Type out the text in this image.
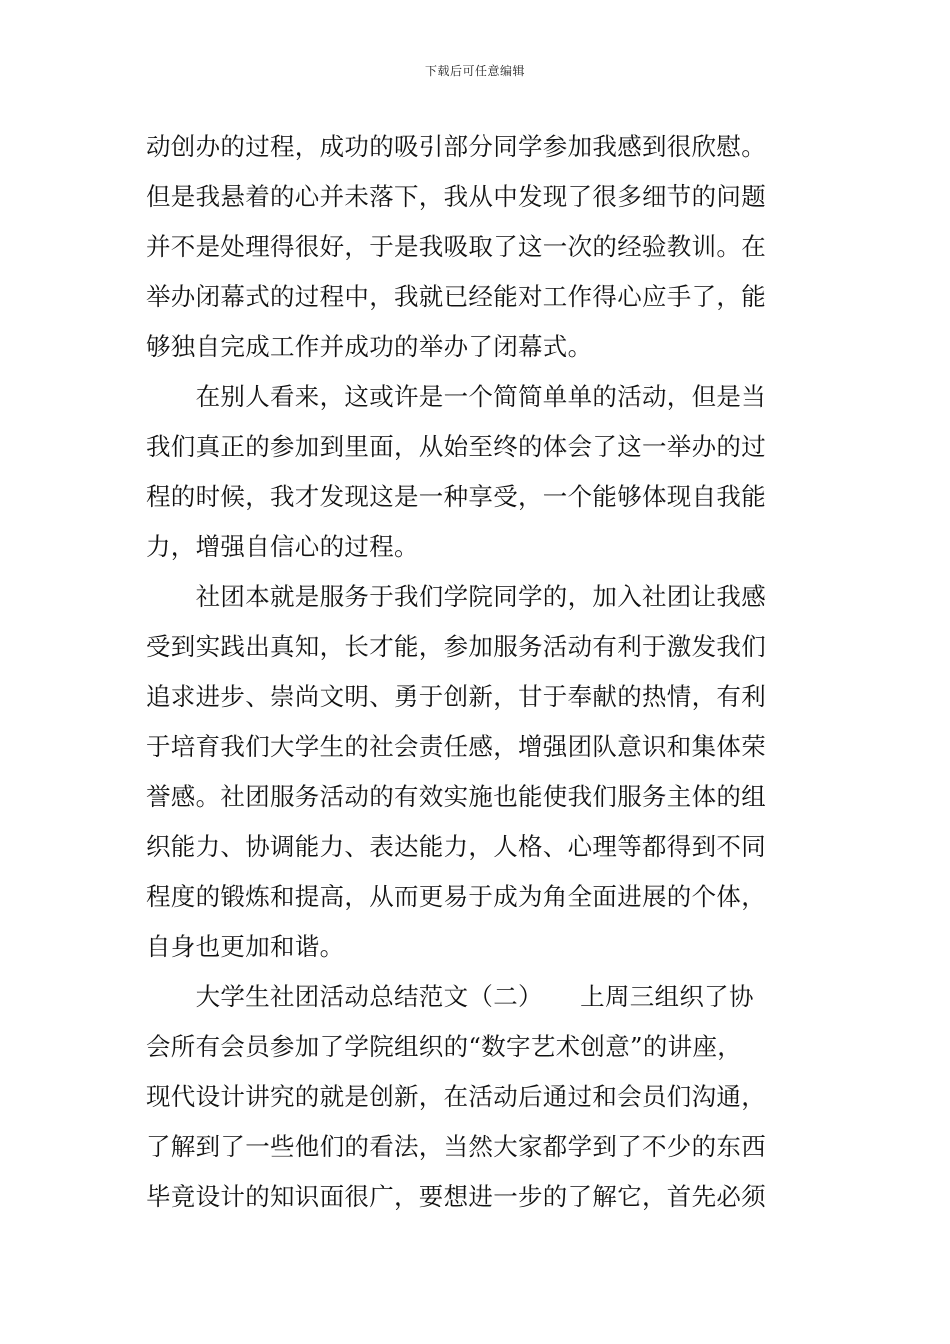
下载后可任意编辑
动创办的过程，成功的吸引部分同学参加我感到很欣慰。
但是我悬着的心并未落下，我从中发现了很多细节的问题
并不是处理得很好，于是我吸取了这一次的经验教训。在
举办闭幕式的过程中，我就已经能对工作得心应手了，能
够独自完成工作并成功的举办了闭幕式。
　　在别人看来，这或许是一个简简单单的活动，但是当
我们真正的参加到里面，从始至终的体会了这一举办的过
程的时候，我才发现这是一种享受，一个能够体现自我能
力，增强自信心的过程。
　　社团本就是服务于我们学院同学的，加入社团让我感
受到实践出真知，长才能，参加服务活动有利于激发我们
追求进步、崇尚文明、勇于创新，甘于奉献的热情，有利
于培育我们大学生的社会责任感，增强团队意识和集体荣
誉感。社团服务活动的有效实施也能使我们服务主体的组
织能力、协调能力、表达能力，人格、心理等都得到不同
程度的锻炼和提高，从而更易于成为角全面进展的个体，
自身也更加和谐。
　　大学生社团活动总结范文（二）　　上周三组织了协
会所有会员参加了学院组织的“数字艺术创意”的讲座，
现代设计讲究的就是创新，在活动后通过和会员们沟通，
了解到了一些他们的看法，当然大家都学到了不少的东西
毕竟设计的知识面很广，要想进一步的了解它，首先必须
